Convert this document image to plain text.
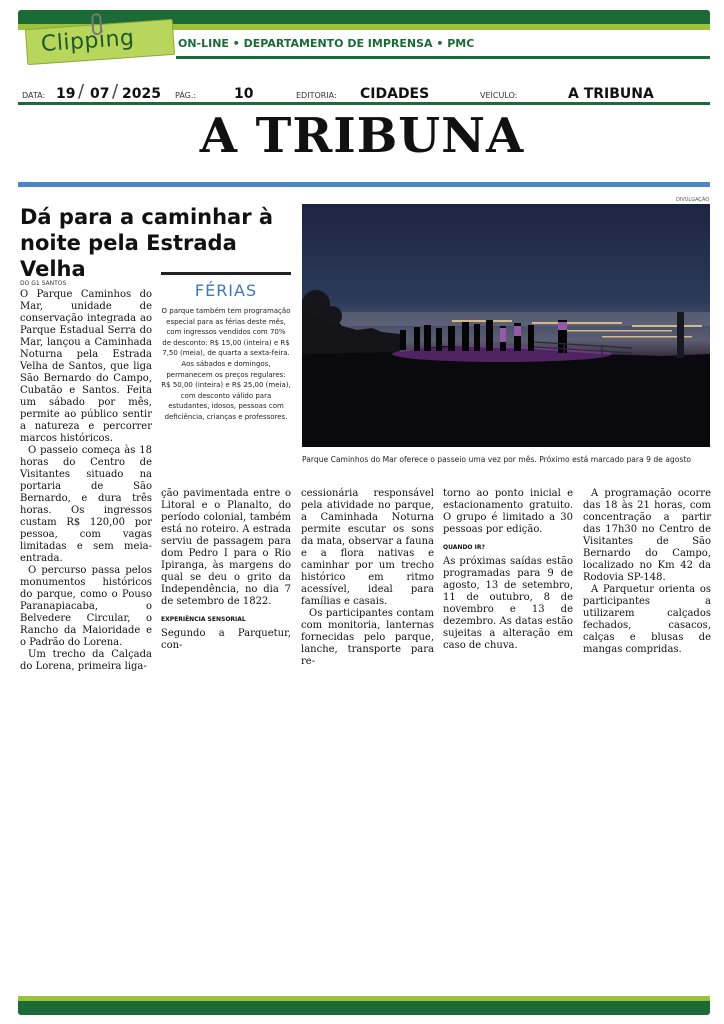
Clipping	ON-LINE • DEPARTAMENTO DE IMPRENSA • PMC
DATA: 19 / 07 / 2025 PÁG.:	10	EDITORIA: CIDADES	VEÍCULO:	A TRIBUNA
A TRIBUNA
Dá para a caminhar à noite pela Estrada Velha
DO G1 SANTOS

O Parque Caminhos do Mar, unidade de conservação integrada ao Parque Estadual Serra do Mar, lançou a Caminhada Noturna pela Estrada Velha de Santos, que liga São Bernardo do Campo, Cubatão e Santos. Feita um sábado por mês, permite ao público sentir a natureza e percorrer marcos históricos.

O passeio começa às 18 horas do Centro de Visitantes situado na portaria de São Bernardo, e dura três horas. Os ingressos custam R$ 120,00 por pessoa, com vagas limitadas e sem meia-entrada.

O percurso passa pelos monumentos históricos do parque, como o Pouso Paranapiacaba, o Belvedere Circular, o Rancho da Maioridade e o Padrão do Lorena.

Um trecho da Calçada do Lorena, primeira liga-

FÉRIAS
O parque também tem programação especial para as férias deste mês, com ingressos vendidos com 70% de desconto: R$ 15,00 (inteira) e R$ 7,50 (meia), de quarta a sexta-feira. Aos sábados e domingos, permanecem os preços regulares: R$ 50,00 (inteira) e R$ 25,00 (meia), com desconto válido para estudantes, idosos, pessoas com deficiência, crianças e professores.
DIVULGAÇÃO
Parque Caminhos do Mar oferece o passeio uma vez por mês. Próximo está marcado para 9 de agosto

ção pavimentada entre o Litoral e o Planalto, do período colonial, também está no roteiro. A estrada serviu de passagem para dom Pedro I para o Rio Ipiranga, às margens do qual se deu o grito da Independência, no dia 7 de setembro de 1822.

EXPERIÊNCIA SENSORIAL

Segundo a Parquetur, con-

cessionária responsável pela atividade no parque, a Caminhada Noturna permite escutar os sons da mata, observar a fauna e a flora nativas e caminhar por um trecho histórico em ritmo acessível, ideal para famílias e casais.

Os participantes contam com monitoria, lanternas fornecidas pelo parque, lanche, transporte para re-

torno ao ponto inicial e estacionamento gratuito. O grupo é limitado a 30 pessoas por edição.

QUANDO IR?

As próximas saídas estão programadas para 9 de agosto, 13 de setembro, 11 de outubro, 8 de novembro e 13 de dezembro. As datas estão sujeitas a alteração em caso de chuva.

A programação ocorre das 18 às 21 horas, com concentração a partir das 17h30 no Centro de Visitantes de São Bernardo do Campo, localizado no Km 42 da Rodovia SP-148.

A Parquetur orienta os participantes a utilizarem calçados fechados, casacos, calças e blusas de mangas compridas.
